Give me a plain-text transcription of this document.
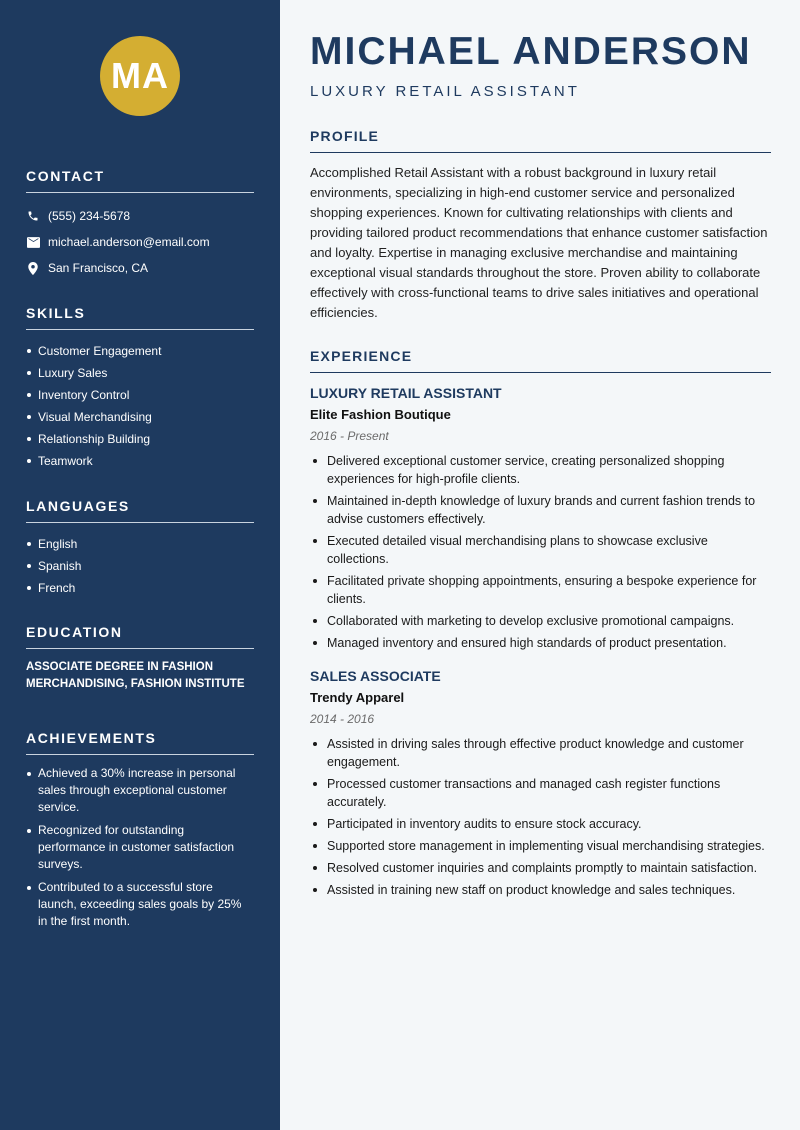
MA
CONTACT
(555) 234-5678
michael.anderson@email.com
San Francisco, CA
SKILLS
Customer Engagement
Luxury Sales
Inventory Control
Visual Merchandising
Relationship Building
Teamwork
LANGUAGES
English
Spanish
French
EDUCATION
ASSOCIATE DEGREE IN FASHION MERCHANDISING, FASHION INSTITUTE
ACHIEVEMENTS
Achieved a 30% increase in personal sales through exceptional customer service.
Recognized for outstanding performance in customer satisfaction surveys.
Contributed to a successful store launch, exceeding sales goals by 25% in the first month.
MICHAEL ANDERSON
LUXURY RETAIL ASSISTANT
PROFILE

Accomplished Retail Assistant with a robust background in luxury retail environments, specializing in high-end customer service and personalized shopping experiences. Known for cultivating relationships with clients and providing tailored product recommendations that enhance customer satisfaction and loyalty. Expertise in managing exclusive merchandise and maintaining exceptional visual standards throughout the store. Proven ability to collaborate effectively with cross-functional teams to drive sales initiatives and operational efficiencies.

EXPERIENCE
LUXURY RETAIL ASSISTANT
Elite Fashion Boutique
2016 - Present
Delivered exceptional customer service, creating personalized shopping experiences for high-profile clients.
Maintained in-depth knowledge of luxury brands and current fashion trends to advise customers effectively.
Executed detailed visual merchandising plans to showcase exclusive collections.
Facilitated private shopping appointments, ensuring a bespoke experience for clients.
Collaborated with marketing to develop exclusive promotional campaigns.
Managed inventory and ensured high standards of product presentation.
SALES ASSOCIATE
Trendy Apparel
2014 - 2016
Assisted in driving sales through effective product knowledge and customer engagement.
Processed customer transactions and managed cash register functions accurately.
Participated in inventory audits to ensure stock accuracy.
Supported store management in implementing visual merchandising strategies.
Resolved customer inquiries and complaints promptly to maintain satisfaction.
Assisted in training new staff on product knowledge and sales techniques.
